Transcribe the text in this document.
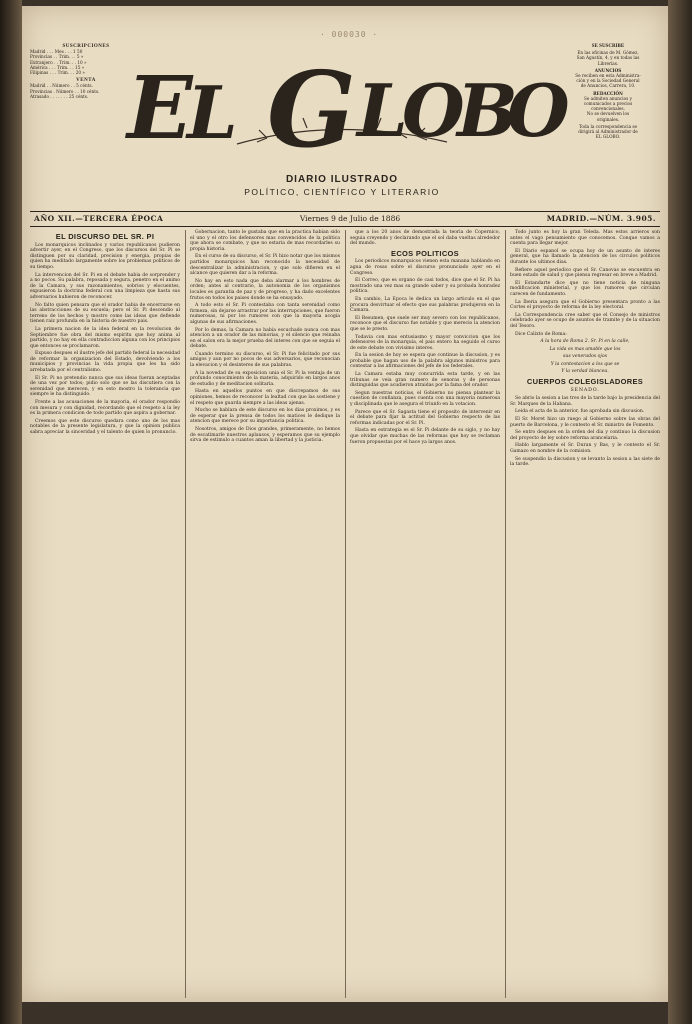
· 000030 ·
SUSCRIPCIONES
Madrid . . . Mes . . . 1 50
Provincias . . Trim. . . 5 »
Extranjero . . Trim. . . 10 »
América . . . Trim. . . 15 »
Filipinas . . . Trim. . . 20 »
VENTA
Madrid . . Número . . 5 cénts.
Provincias . Número . . 10 cénts.
Atrasado . . . . . . . 25 cénts. E
L G L
O
B
O
SE SUSCRIBE
En las oficinas de M. Gómez,
San Agustín, 4, y en todas las
Librerías.
ANUNCIOS
Se reciben en esta Administra-
ción y en la Sociedad General
de Anuncios, Carrera, 10.
REDACCIÓN
Se admiten anuncios y
comunicados a precios
convencionales.
No se devuelven los
originales.
Toda la correspondencia se
dirigirá al Administrador de
EL GLOBO.
DIARIO ILUSTRADO
POLÍTICO, CIENTÍFICO Y LITERARIO
AÑO XII.—TERCERA ÉPOCA	Viernes 9 de Julio de 1886	MADRID.—NÚM. 3.905.
EL DISCURSO DEL SR. PI

Los monarquicos inclinados y varios republicanos pudieron advertir ayer, en el Congreso, que los discursos del Sr. Pi se distinguen por su claridad, precision y energia, propias de quien ha meditado largamente sobre los problemas politicos de su tiempo.

La intervencion del Sr. Pi en el debate habia de sorprender y a no pocos. Su palabra, reposada y segura, penetro en el animo de la Camara, y sus razonamientos, sobrios y elocuentes, expusieron la doctrina federal con una limpieza que hasta sus adversarios hubieron de reconocer.

No falto quien pensara que el orador habia de encerrarse en las abstracciones de su escuela; pero el Sr. Pi descendio al terreno de los hechos y mostro como las ideas que defiende tienen raiz profunda en la historia de nuestro pais.

La primera nacion de la idea federal en la revolucion de Septiembre fue obra del mismo espiritu que hoy anima al partido, y no hay en ella contradiccion alguna con los principios que entonces se proclamaron.

Expuso despues el ilustre jefe del partido federal la necesidad de reformar la organizacion del Estado, devolviendo a los municipios y provincias la vida propia que les ha sido arrebatada por el centralismo.

El Sr. Pi no pretendio nunca que sus ideas fueran aceptadas de una vez por todos; pidio solo que se las discutiera con la serenidad que merecen, y en esto mostro la tolerancia que siempre le ha distinguido.

Frente a las acusaciones de la mayoria, el orador respondio con mesura y con dignidad, recordando que el respeto a la ley es la primera condicion de todo partido que aspira a gobernar.

Creemos que este discurso quedara como uno de los mas notables de la presente legislatura, y que la opinion publica sabra apreciar la sinceridad y el talento de quien lo pronuncio.

Gobernacion, tanto le gustaba que en la practica habian sido el uno y el otro los defensores mas convencidos de la politica que ahora se combate, y que no estaria de mas recordarles su propia historia.

En el curso de su discurso, el Sr. Pi hizo notar que los mismos partidos monarquicos han reconocido la necesidad de descentralizar la administracion, y que solo difieren en el alcance que quieren dar a la reforma.

No hay en esto nada que deba alarmar a los hombres de orden; antes al contrario, la autonomia de los organismos locales es garantia de paz y de progreso, y ha dado excelentes frutos en todos los paises donde se ha ensayado.

A todo esto el Sr. Pi contestaba con tanta serenidad como firmeza, sin dejarse arrastrar por las interrupciones, que fueron numerosas, ni por los rumores con que la mayoria acogia algunas de sus afirmaciones.

Por lo demas, la Camara no habia escuchado nunca con mas atencion a un orador de las minorias, y el silencio que reinaba en el salon era la mejor prueba del interes con que se seguia el debate.

Cuando termino su discurso, el Sr. Pi fue felicitado por sus amigos y aun por no pocos de sus adversarios, que reconocian la elevacion y el desinteres de sus palabras.

A la novedad de su exposicion unia el Sr. Pi la ventaja de un profundo conocimiento de la materia, adquirido en largos anos de estudio y de meditacion solitaria.

Hasta en aquellos puntos en que discrepamos de sus opiniones, hemos de reconocer la lealtad con que las sostiene y el respeto que guarda siempre a las ideas ajenas.

Mucho se hablara de este discurso en los dias proximos, y es de esperar que la prensa de todos los matices le dedique la atencion que merece por su importancia politica.

Nosotros, amigos de Dios grandes, primeramente, no hemos de escatimarle nuestros aplausos, y esperamos que su ejemplo sirva de estimulo a cuantos aman la libertad y la justicia.

que a los 20 anos de demostrada la teoria de Copernico, seguia creyendo y declarando que el sol daba vueltas alrededor del mundo.

ECOS POLITICOS

Los periodicos monarquicos vienen esta manana hablando en agua de rosas sobre el discurso pronunciado ayer en el Congreso.

El Correo, que es organo de casi todos, dice que el Sr. Pi ha mostrado una vez mas su grande saber y su probada honradez politica.

En cambio, La Epoca le dedica un largo articulo en el que procura desvirtuar el efecto que sus palabras produjeron en la Camara.

El Resumen, que suele ser muy severo con los republicanos, reconoce que el discurso fue notable y que merecio la atencion que se le presto.

Todavia con mas entusiasmo y mayor conviccion que los defensores de la monarquia, el pais entero ha seguido el curso de este debate con vivisimo interes.

En la sesion de hoy se espera que continue la discusion, y es probable que hagan uso de la palabra algunos ministros para contestar a las afirmaciones del jefe de los federales.

La Camara estaba muy concurrida esta tarde, y en las tribunas se veia gran numero de senoras y de personas distinguidas que acudieron atraidas por la fama del orador.

Segun nuestras noticias, el Gobierno no piensa plantear la cuestion de confianza, pues cuenta con una mayoria numerosa y disciplinada que le asegura el triunfo en la votacion.

Parece que el Sr. Sagasta tiene el proposito de intervenir en el debate para fijar la actitud del Gobierno respecto de las reformas indicadas por el Sr. Pi.

Hasta en estrategia es el Sr. Pi delante de su siglo, y no hay que olvidar que muchas de las reformas que hoy se reclaman fueron propuestas por el hace ya largos anos.

Todo junto es hoy la gran Teleda. Mas estos arrieros son antes el vago pensamiento que conocemos. Conque vamos a cuenta para llegar mejor.

El Diario espanol se ocupa hoy de un asunto de interes general, que ha llamado la atencion de los circulos politicos durante los ultimos dias.

Refiere aquel periodico que el Sr. Canovas se encuentra en buen estado de salud y que piensa regresar en breve a Madrid.

El Estandarte dice que no tiene noticia de ninguna modificacion ministerial, y que los rumores que circulan carecen de fundamento.

La Iberia asegura que el Gobierno presentara pronto a las Cortes el proyecto de reforma de la ley electoral.

La Correspondencia cree saber que el Consejo de ministros celebrado ayer se ocupo de asuntos de tramite y de la situacion del Tesoro.

Dice Calixto de Roma:

A la hora de Roma 2. Sr. Pi en la calle,
La vida es mas amable que los
sus venerados ojos
Y la contestacion a los que se
Y la verdad blancea.
CUERPOS COLEGISLADORES
SENADO.

Se abrio la sesion a las tres de la tarde bajo la presidencia del Sr. Marques de la Habana.

Leida el acta de la anterior, fue aprobada sin discusion.

El Sr. Moret hizo un ruego al Gobierno sobre las obras del puerto de Barcelona, y le contesto el Sr. ministro de Fomento.

Se entro despues en la orden del dia y continuo la discusion del proyecto de ley sobre reforma arancelaria.

Hablo largamente el Sr. Duran y Bas, y le contesto el Sr. Gamazo en nombre de la comision.

Se suspendio la discusion y se levanto la sesion a las siete de la tarde.
